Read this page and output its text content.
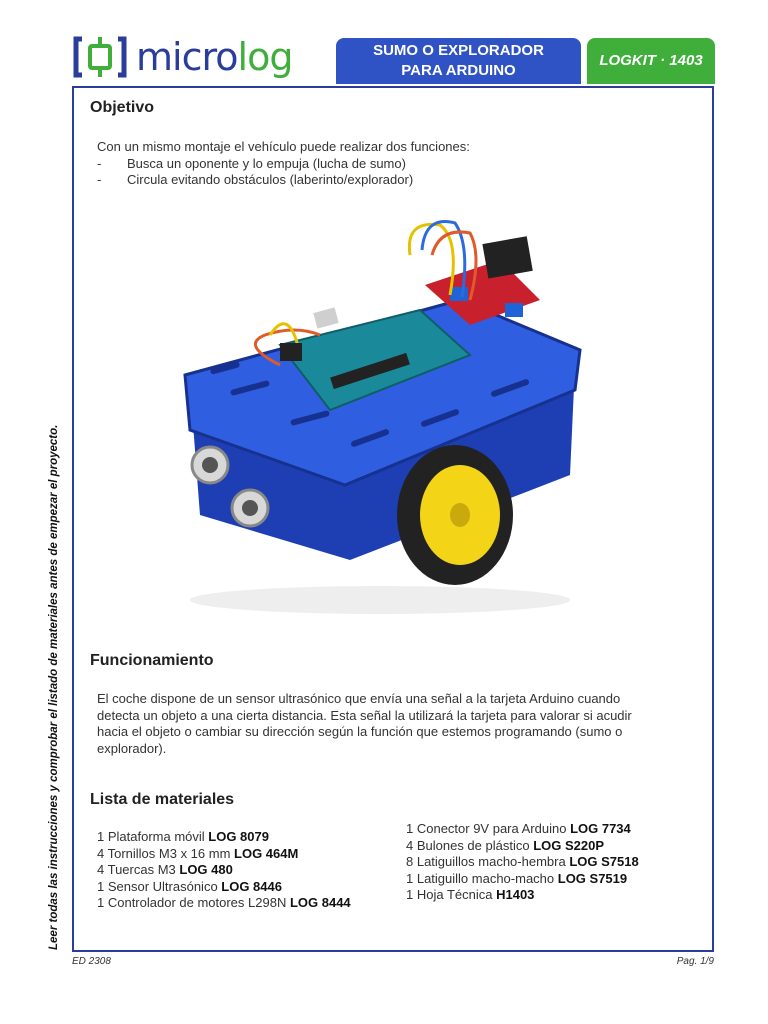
microlog	SUMO O EXPLORADOR
PARA ARDUINO
LOGKIT · 1403
Leer todas las instrucciones y comprobar el listado de materiales antes de empezar el proyecto.
Objetivo
Con un mismo montaje el vehículo puede realizar dos funciones:
- Busca un oponente y lo empuja (lucha de sumo)
- Circula evitando obstáculos (laberinto/explorador)
Funcionamiento
El coche dispone de un sensor ultrasónico que envía una señal a la tarjeta Arduino cuando
detecta un objeto a una cierta distancia. Esta señal la utilizará la tarjeta para valorar si acudir
hacia el objeto o cambiar su dirección según la función que estemos programando (sumo o
explorador).
Lista de materiales
1 Plataforma móvil LOG 8079
4 Tornillos M3 x 16 mm LOG 464M
4 Tuercas M3 LOG 480
1 Sensor Ultrasónico LOG 8446
1 Controlador de motores L298N LOG 8444
1 Conector 9V para Arduino LOG 7734
4 Bulones de plástico LOG S220P
8 Latiguillos macho-hembra LOG S7518
1 Latiguillo macho-macho LOG S7519
1 Hoja Técnica H1403
ED 2308	Pag. 1/9
